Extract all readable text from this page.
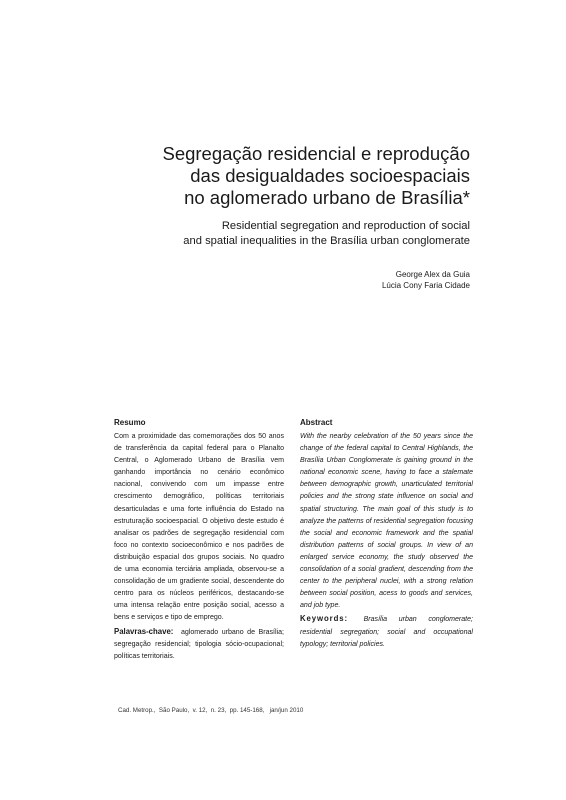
Segregação residencial e reprodução
das desigualdades socioespaciais
no aglomerado urbano de Brasília*
Residential segregation and reproduction of social
and spatial inequalities in the Brasília urban conglomerate
George Alex da Guia
Lúcia Cony Faria Cidade
Resumo
Com a proximidade das comemorações dos 50 anos de transferência da capital federal para o Planalto Central, o Aglomerado Urbano de Brasília vem ganhando importância no cenário econômico nacional, convivendo com um impasse entre crescimento demográfico, políticas territoriais desarticuladas e uma forte influência do Estado na estruturação socioespacial. O objetivo deste estudo é analisar os padrões de segregação residencial com foco no contexto socioeconômico e nos padrões de distribuição espacial dos grupos sociais. No quadro de uma economia terciária ampliada, observou-se a consolidação de um gradiente social, descendente do centro para os núcleos periféricos, destacando-se uma intensa relação entre posição social, acesso a bens e serviços e tipo de emprego.
Palavras-chave: aglomerado urbano de Brasília; segregação residencial; tipologia sócio-ocupacional; políticas territoriais.
Abstract
With the nearby celebration of the 50 years since the change of the federal capital to Central Highlands, the Brasília Urban Conglomerate is gaining ground in the national economic scene, having to face a stalemate between demographic growth, unarticulated territorial policies and the strong state influence on social and spatial structuring. The main goal of this study is to analyze the patterns of residential segregation focusing the social and economic framework and the spatial distribution patterns of social groups. In view of an enlarged service economy, the study observed the consolidation of a social gradient, descending from the center to the peripheral nuclei, with a strong relation between social position, acess to goods and services, and job type.
Keywords: Brasília urban conglomerate; residential segregation; social and occupational typology; territorial policies.
Cad. Metrop.,  São Paulo,  v. 12,  n. 23,  pp. 145-168,   jan/jun 2010
